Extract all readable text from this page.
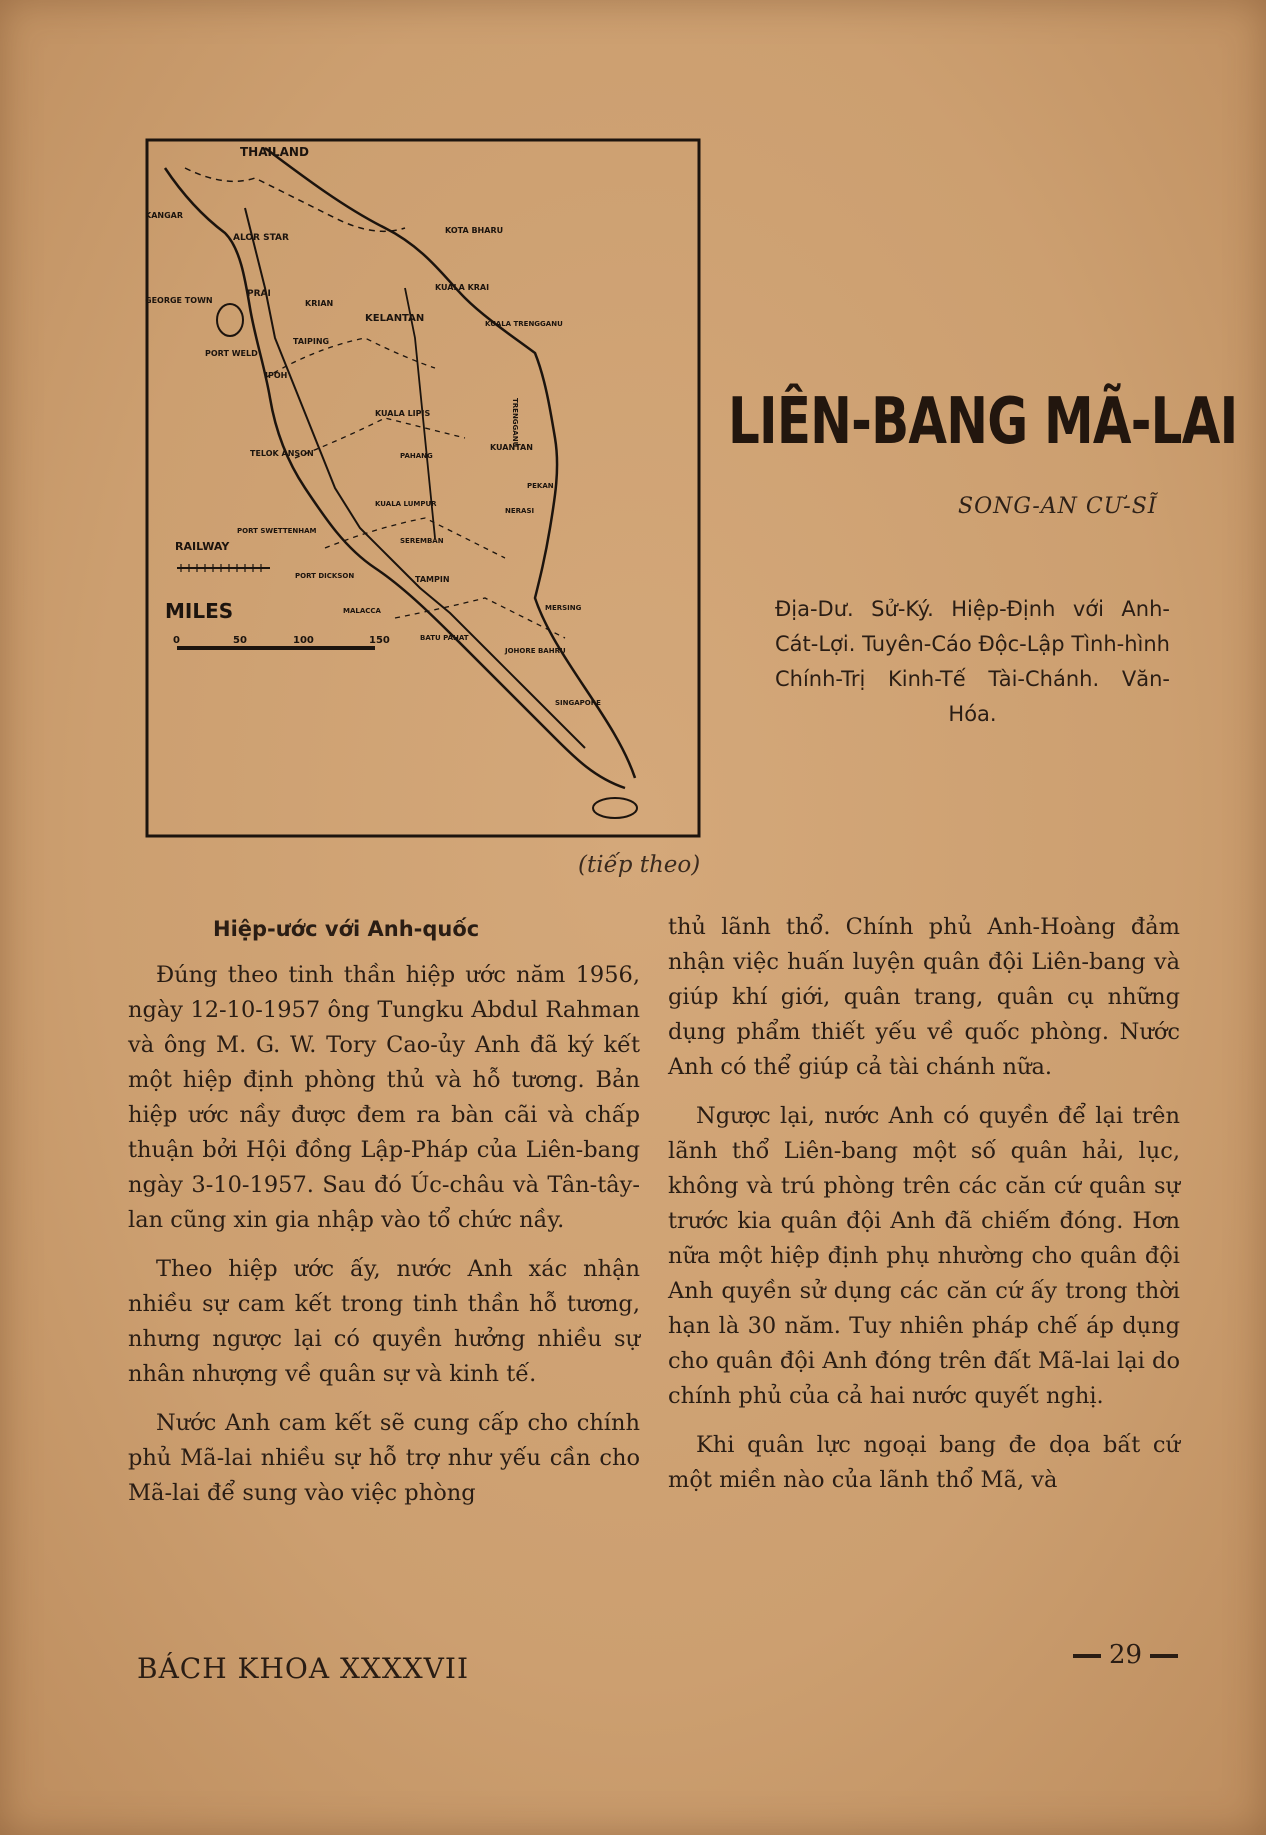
THAILAND
KANGAR
ALOR STAR
KOTA BHARU
PRAI
GEORGE TOWN	KRIAN
KUALA KRAI
KELANTAN	KUALA TRENGGANU
TAIPING
PORT WELD
IPOH
TRENGGANU
KUALA LIPIS
KUANTAN
TELOK ANSON	PAHANG
PEKAN
KUALA LUMPUR
NERASI
PORT SWETTENHAM
SEREMBAN
RAILWAY
PORT DICKSON	TAMPIN
MERSING
MILES	MALACCA
BATU PAHAT
JOHORE BAHRU
SINGAPORE
0	50	100	150
LIÊN-BANG MÃ-LAI
SONG-AN CƯ-SĨ
Địa-Dư. Sử-Ký. Hiệp-Định với Anh-Cát-Lợi. Tuyên-Cáo Độc-Lập Tình-hình Chính-Trị Kinh-Tế Tài-Chánh. Văn-Hóa.
(tiếp theo)
Hiệp-ước với Anh-quốc

Đúng theo tinh thần hiệp ước năm 1956, ngày 12-10-1957 ông Tungku Abdul Rahman và ông M. G. W. Tory Cao-ủy Anh đã ký kết một hiệp định phòng thủ và hỗ tương. Bản hiệp ước nầy được đem ra bàn cãi và chấp thuận bởi Hội đồng Lập-Pháp của Liên-bang ngày 3-10-1957. Sau đó Úc-châu và Tân-tây-lan cũng xin gia nhập vào tổ chức nầy.

Theo hiệp ước ấy, nước Anh xác nhận nhiều sự cam kết trong tinh thần hỗ tương, nhưng ngược lại có quyền hưởng nhiều sự nhân nhượng về quân sự và kinh tế.

Nước Anh cam kết sẽ cung cấp cho chính phủ Mã-lai nhiều sự hỗ trợ như yếu cần cho Mã-lai để sung vào việc phòng

thủ lãnh thổ. Chính phủ Anh-Hoàng đảm nhận việc huấn luyện quân đội Liên-bang và giúp khí giới, quân trang, quân cụ những dụng phẩm thiết yếu về quốc phòng. Nước Anh có thể giúp cả tài chánh nữa.

Ngược lại, nước Anh có quyền để lại trên lãnh thổ Liên-bang một số quân hải, lục, không và trú phòng trên các căn cứ quân sự trước kia quân đội Anh đã chiếm đóng. Hơn nữa một hiệp định phụ nhường cho quân đội Anh quyền sử dụng các căn cứ ấy trong thời hạn là 30 năm. Tuy nhiên pháp chế áp dụng cho quân đội Anh đóng trên đất Mã-lai lại do chính phủ của cả hai nước quyết nghị.

Khi quân lực ngoại bang đe dọa bất cứ một miền nào của lãnh thổ Mã, và

BÁCH KHOA XXXXVII	29
